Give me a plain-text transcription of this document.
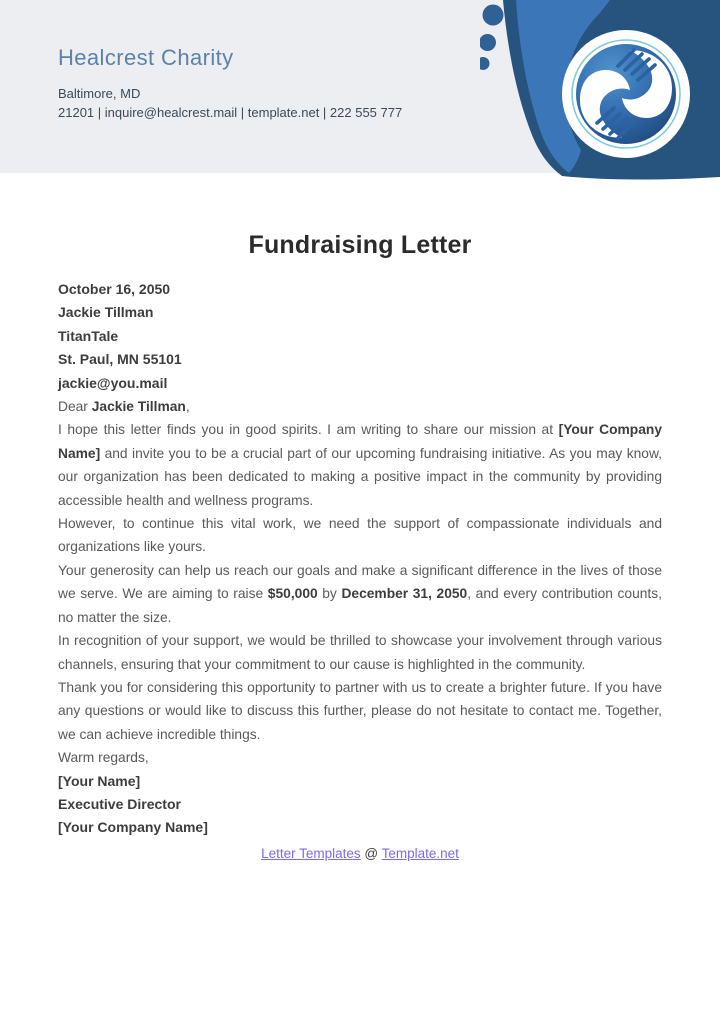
Healcrest Charity
Baltimore, MD
21201 | inquire@healcrest.mail | template.net | 222 555 777
Fundraising Letter
October 16, 2050
Jackie Tillman
TitanTale
St. Paul, MN 55101
jackie@you.mail

Dear Jackie Tillman,

I hope this letter finds you in good spirits. I am writing to share our mission at [Your Company Name] and invite you to be a crucial part of our upcoming fundraising initiative. As you may know, our organization has been dedicated to making a positive impact in the community by providing accessible health and wellness programs.

However, to continue this vital work, we need the support of compassionate individuals and organizations like yours.

Your generosity can help us reach our goals and make a significant difference in the lives of those we serve. We are aiming to raise $50,000 by December 31, 2050, and every contribution counts, no matter the size.

In recognition of your support, we would be thrilled to showcase your involvement through various channels, ensuring that your commitment to our cause is highlighted in the community.

Thank you for considering this opportunity to partner with us to create a brighter future. If you have any questions or would like to discuss this further, please do not hesitate to contact me. Together, we can achieve incredible things.

Warm regards,

[Your Name]
Executive Director
[Your Company Name]
Letter Templates @ Template.net
